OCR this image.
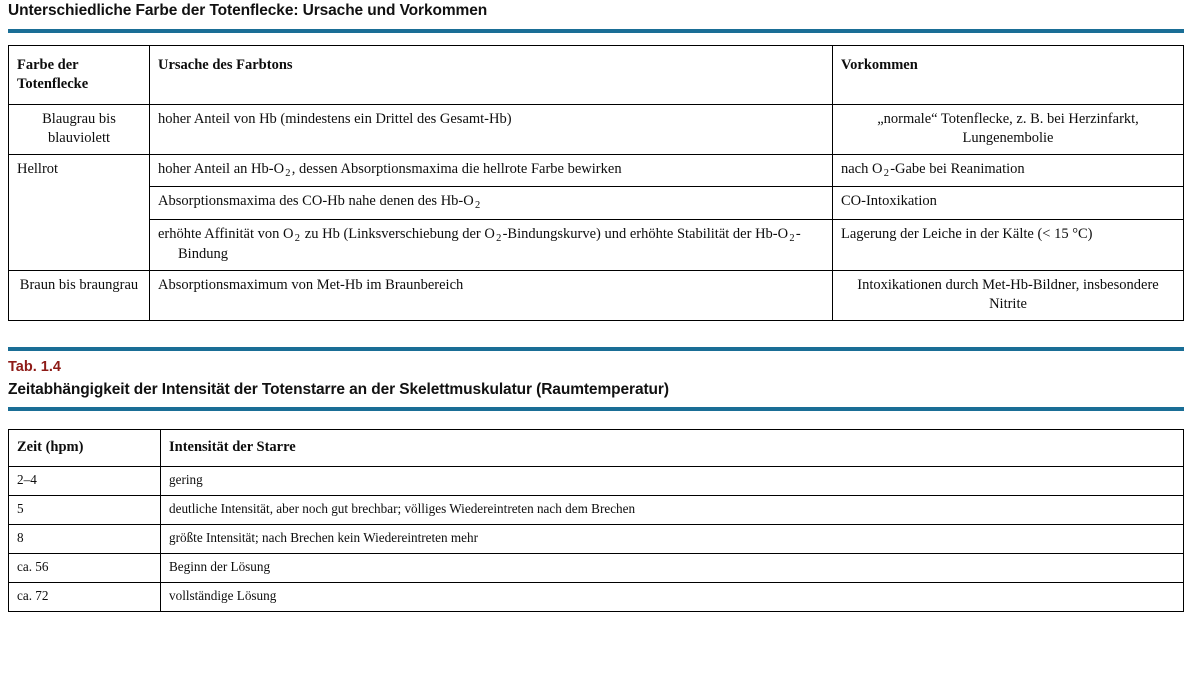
Unterschiedliche Farbe der Totenflecke: Ursache und Vorkommen
Farbe der
Totenflecke	Ursache des Farbtons	Vorkommen
Blaugrau bis blauviolett	hoher Anteil von Hb (mindestens ein Drittel des Gesamt-Hb)	„normale“ Totenflecke, z. B. bei Herzinfarkt, Lungenembolie

Hellrot	hoher Anteil an $Hb-O_2$, dessen Absorptionsmaxima die hellrote Farbe bewirken	nach $O_2$-Gabe bei Reanimation
	Absorptionsmaxima des CO-Hb nahe denen des $Hb-O_2$	CO-Intoxikation
	erhöhte Affinität von $O_2$ zu Hb (Linksverschiebung der $O_2-Bindungskurve$) und erhöhte Stabilität der $Hb-O_2$-Bindung	Lagerung der Leiche in der Kälte (< 15 °C)
Braun bis braungrau	Absorptionsmaximum von Met-Hb im Braunbereich	Intoxikationen durch Met-Hb-Bildner, insbesondere Nitrite
Tab. 1.4
Zeitabhängigkeit der Intensität der Totenstarre an der Skelettmuskulatur (Raumtemperatur)
Zeit (hpm)	Intensität der Starre
2–4	gering
5	deutliche Intensität, aber noch gut brechbar; völliges Wiedereintreten nach dem Brechen
8	größte Intensität; nach Brechen kein Wiedereintreten mehr
ca. 56	Beginn der Lösung
ca. 72	vollständige Lösung
